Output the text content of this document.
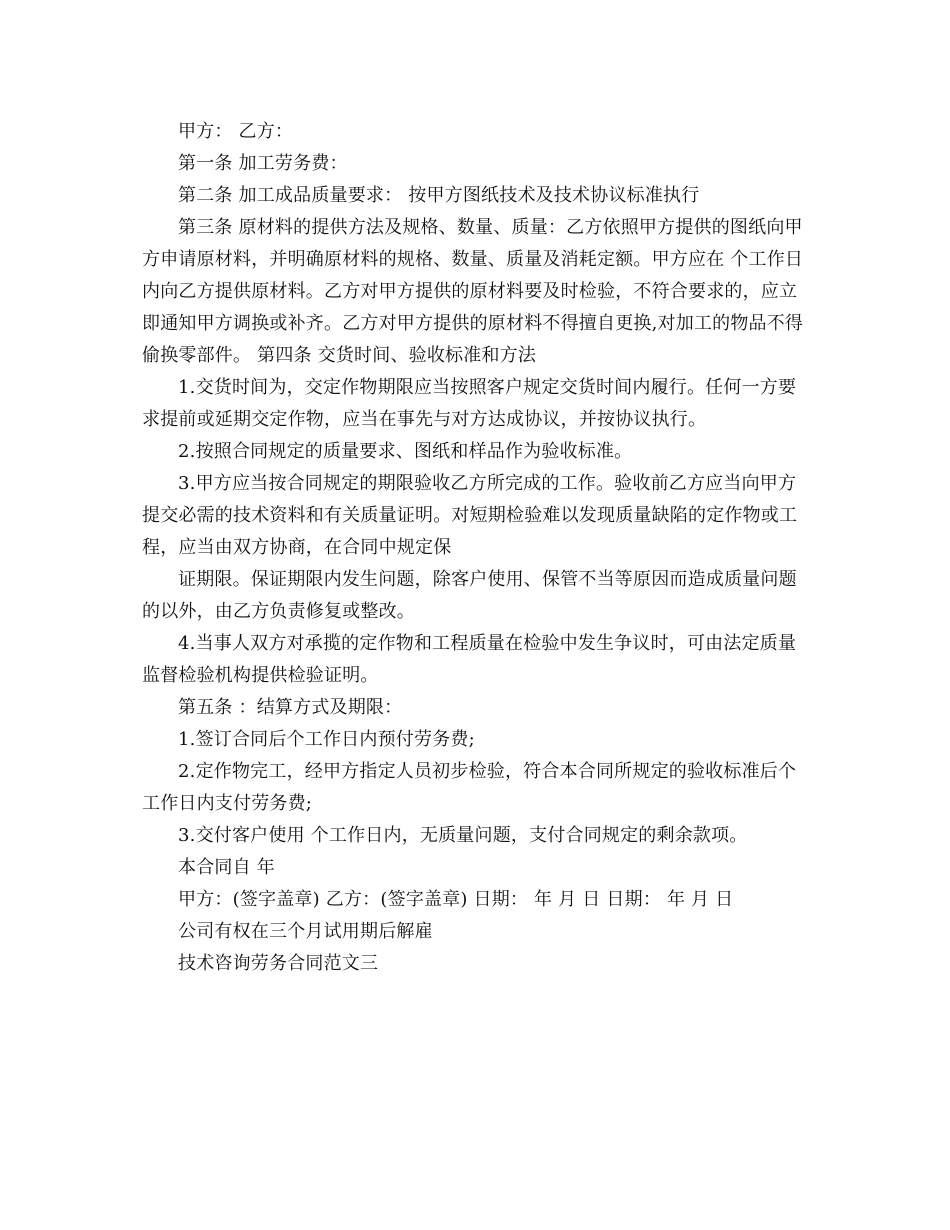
甲方： 乙方：

第一条 加工劳务费：

第二条 加工成品质量要求： 按甲方图纸技术及技术协议标准执行

第三条 原材料的提供方法及规格、数量、质量：乙方依照甲方提供的图纸向甲方申请原材料，并明确原材料的规格、数量、质量及消耗定额。甲方应在 个工作日内向乙方提供原材料。乙方对甲方提供的原材料要及时检验，不符合要求的，应立即通知甲方调换或补齐。乙方对甲方提供的原材料不得擅自更换,对加工的物品不得偷换零部件。 第四条 交货时间、验收标准和方法

1.交货时间为，交定作物期限应当按照客户规定交货时间内履行。任何一方要求提前或延期交定作物，应当在事先与对方达成协议，并按协议执行。

2.按照合同规定的质量要求、图纸和样品作为验收标准。

3.甲方应当按合同规定的期限验收乙方所完成的工作。验收前乙方应当向甲方提交必需的技术资料和有关质量证明。对短期检验难以发现质量缺陷的定作物或工程，应当由双方协商，在合同中规定保

证期限。保证期限内发生问题，除客户使用、保管不当等原因而造成质量问题的以外，由乙方负责修复或整改。

4.当事人双方对承揽的定作物和工程质量在检验中发生争议时，可由法定质量监督检验机构提供检验证明。

第五条 ：结算方式及期限：

1.签订合同后个工作日内预付劳务费;

2.定作物完工，经甲方指定人员初步检验，符合本合同所规定的验收标准后个工作日内支付劳务费;

3.交付客户使用 个工作日内，无质量问题，支付合同规定的剩余款项。

本合同自 年

甲方：(签字盖章) 乙方：(签字盖章) 日期： 年 月 日 日期： 年 月 日

公司有权在三个月试用期后解雇

技术咨询劳务合同范文三
